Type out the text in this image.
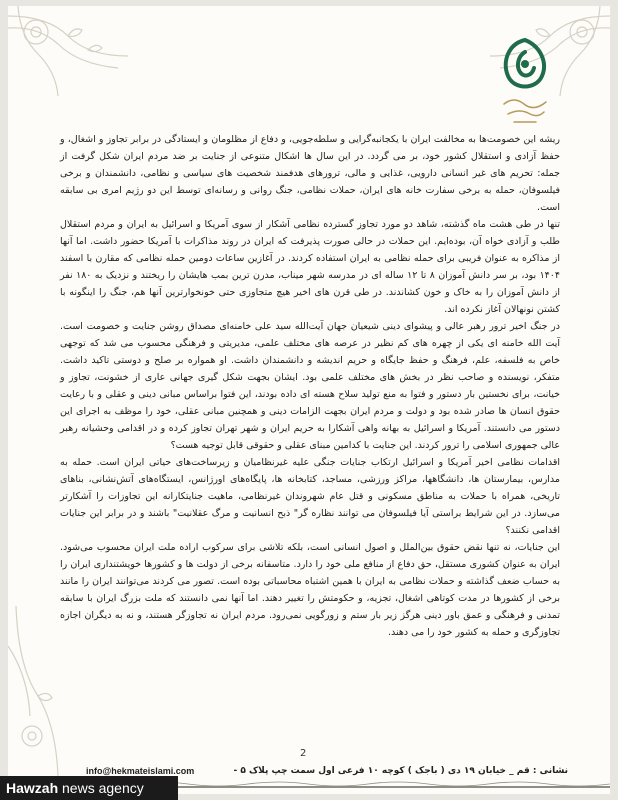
ریشه این خصومت‌ها به مخالفت ایران با یکجانبه‌گرایی و سلطه‌جویی، و دفاع از مظلومان و ایستادگی در برابر تجاوز و اشغال، و حفظ آزادی و استقلال کشور خود، بر می گردد. در این سال ها اشکال متنوعی از جنایت بر ضد مردم ایران شکل گرفت از جمله: تحریم های غیر انسانی دارویی، غذایی و مالی، ترورهای هدفمند شخصیت های سیاسی و نظامی، دانشمندان و برخی فیلسوفان، حمله به برخی سفارت خانه های ایران، حملات نظامی، جنگ روانی و رسانه‌ای توسط این دو رژیم امری بی سابقه است.

تنها در طی هشت ماه گذشته، شاهد دو مورد تجاوز گسترده نظامی آشکار از سوی آمریکا و اسرائیل به ایران و مردم استقلال طلب و آزادی خواه آن، بوده‌ایم. این حملات در حالی صورت پذیرفت که ایران در روند مذاکرات با آمریکا حضور داشت. اما آنها از مذاکره به عنوان فریبی برای حمله نظامی به ایران استفاده کردند. در آغازین ساعات دومین حمله نظامی که مقارن با اسفند ۱۴۰۴ بود، بر سر دانش آموزان ۸ تا ۱۲ ساله ای در مدرسه شهر میناب، مدرن ترین بمب هایشان را ریختند و نزدیک به ۱۸۰ نفر از دانش آموزان را به خاک و خون کشاندند. در طی قرن های اخیر هیچ متجاوزی حتی خونخوارترین آنها هم، جنگ را اینگونه با کشتن نونهالان آغاز نکرده اند.

در جنگ اخیر ترور رهبر عالی و پیشوای دینی شیعیان جهان آیت‌الله سید علی خامنه‌ای مصداق روشن جنایت و خصومت است. آیت الله خامنه ای یکی از چهره های کم نظیر در عرصه های مختلف علمی، مدیریتی و فرهنگی محسوب می شد که توجهی خاص به فلسفه، علم، فرهنگ و حفظ جایگاه و حریم اندیشه و دانشمندان داشت. او همواره بر صلح و دوستی تاکید داشت. متفکر، نویسنده و صاحب نظر در بخش های مختلف علمی بود. ایشان بجهت شکل گیری جهانی عاری از خشونت، تجاوز و خیانت، برای نخستین بار دستور و فتوا به منع تولید سلاح هسته ای داده بودند، این فتوا براساس مبانی دینی و عقلی و با رعایت حقوق انسان ها صادر شده بود و دولت و مردم ایران بجهت الزامات دینی و همچنین مبانی عقلی، خود را موظف به اجرای این دستور می دانستند. آمریکا و اسرائیل به بهانه واهی آشکارا به حریم ایران و شهر تهران تجاوز کرده و در اقدامی وحشیانه رهبر عالی جمهوری اسلامی را ترور کردند. این جنایت با کدامین مبنای عقلی و حقوقی قابل توجیه هست؟

اقدامات نظامی اخیر آمریکا و اسرائیل ارتکاب جنایات جنگی علیه غیرنظامیان و زیرساخت‌های حیاتی ایران است. حمله به مدارس، بیمارستان ها، دانشگاهها، مراکز ورزشی، مساجد، کتابخانه ها، پایگاه‌های اورژانس، ایستگاه‌های آتش‌نشانی، بناهای تاریخی، همراه با حملات به مناطق مسکونی و قتل عام شهروندان غیرنظامی، ماهیت جنایتکارانه این تجاوزات را آشکارتر می‌سازد. در این شرایط براستی آیا فیلسوفان می توانند نظاره گر" ذبح انسانیت و مرگ عقلانیت" باشند و در برابر این جنایات اقدامی نکنند؟

این جنایات، نه تنها نقض حقوق بین‌الملل و اصول انسانی است، بلکه تلاشی برای سرکوب اراده ملت ایران محسوب می‌شود. ایران به عنوان کشوری مستقل، حق دفاع از منافع ملی خود را دارد. متاسفانه برخی از دولت ها و کشورها خویشتنداری ایران را به حساب ضعف گذاشته و حملات نظامی به ایران با همین اشتباه محاسباتی بوده است. تصور می کردند می‌توانند ایران را مانند برخی از کشورها در مدت کوتاهی اشغال، تجزیه، و حکومتش را تغییر دهند. اما آنها نمی دانستند که ملت بزرگ ایران با سابقه تمدنی و فرهنگی و عمق باور دینی هرگز زیر بار ستم و زورگویی نمی‌رود. مردم ایران نه تجاوزگر هستند، و نه به دیگران اجازه تجاوزگری و حمله به کشور خود را می دهند.

2
info@hekmateislami.com	نشانی : قم _ خیابان ۱۹ دی ( باجک ) کوچه ۱۰ فرعی اول سمت چپ پلاک ۵ -
Hawzah news agency
